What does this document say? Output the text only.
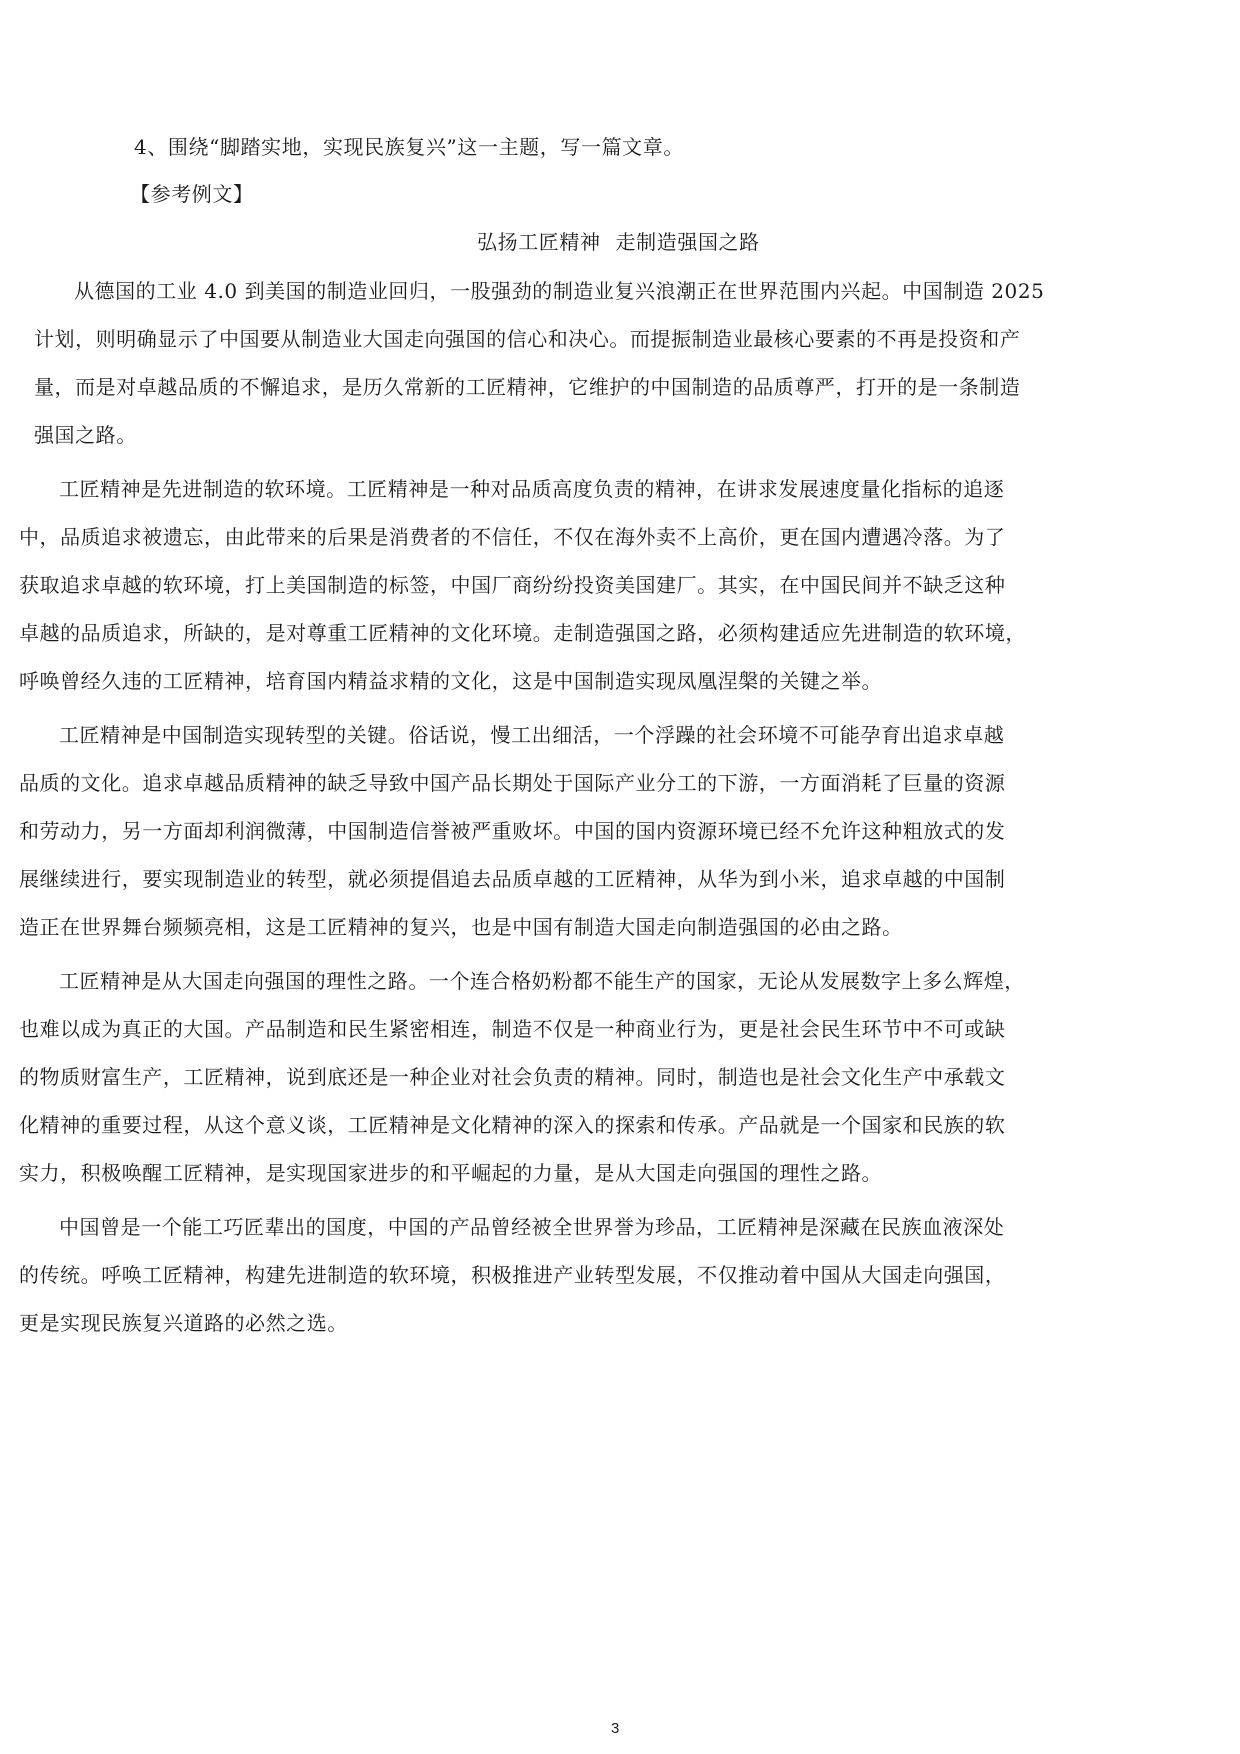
4、围绕“脚踏实地，实现民族复兴”这一主题，写一篇文章。
【参考例文】
弘扬工匠精神 走制造强国之路
从德国的工业 4.0 到美国的制造业回归，一股强劲的制造业复兴浪潮正在世界范围内兴起。中国制造 2025
计划，则明确显示了中国要从制造业大国走向强国的信心和决心。而提振制造业最核心要素的不再是投资和产
量，而是对卓越品质的不懈追求，是历久常新的工匠精神，它维护的中国制造的品质尊严，打开的是一条制造
强国之路。
工匠精神是先进制造的软环境。工匠精神是一种对品质高度负责的精神，在讲求发展速度量化指标的追逐
中，品质追求被遗忘，由此带来的后果是消费者的不信任，不仅在海外卖不上高价，更在国内遭遇冷落。为了
获取追求卓越的软环境，打上美国制造的标签，中国厂商纷纷投资美国建厂。其实，在中国民间并不缺乏这种
卓越的品质追求，所缺的，是对尊重工匠精神的文化环境。走制造强国之路，必须构建适应先进制造的软环境，
呼唤曾经久违的工匠精神，培育国内精益求精的文化，这是中国制造实现凤凰涅槃的关键之举。
工匠精神是中国制造实现转型的关键。俗话说，慢工出细活，一个浮躁的社会环境不可能孕育出追求卓越
品质的文化。追求卓越品质精神的缺乏导致中国产品长期处于国际产业分工的下游，一方面消耗了巨量的资源
和劳动力，另一方面却利润微薄，中国制造信誉被严重败坏。中国的国内资源环境已经不允许这种粗放式的发
展继续进行，要实现制造业的转型，就必须提倡追去品质卓越的工匠精神，从华为到小米，追求卓越的中国制
造正在世界舞台频频亮相，这是工匠精神的复兴，也是中国有制造大国走向制造强国的必由之路。
工匠精神是从大国走向强国的理性之路。一个连合格奶粉都不能生产的国家，无论从发展数字上多么辉煌，
也难以成为真正的大国。产品制造和民生紧密相连，制造不仅是一种商业行为，更是社会民生环节中不可或缺
的物质财富生产，工匠精神，说到底还是一种企业对社会负责的精神。同时，制造也是社会文化生产中承载文
化精神的重要过程，从这个意义谈，工匠精神是文化精神的深入的探索和传承。产品就是一个国家和民族的软
实力，积极唤醒工匠精神，是实现国家进步的和平崛起的力量，是从大国走向强国的理性之路。
中国曾是一个能工巧匠辈出的国度，中国的产品曾经被全世界誉为珍品，工匠精神是深藏在民族血液深处
的传统。呼唤工匠精神，构建先进制造的软环境，积极推进产业转型发展，不仅推动着中国从大国走向强国，
更是实现民族复兴道路的必然之选。
3
